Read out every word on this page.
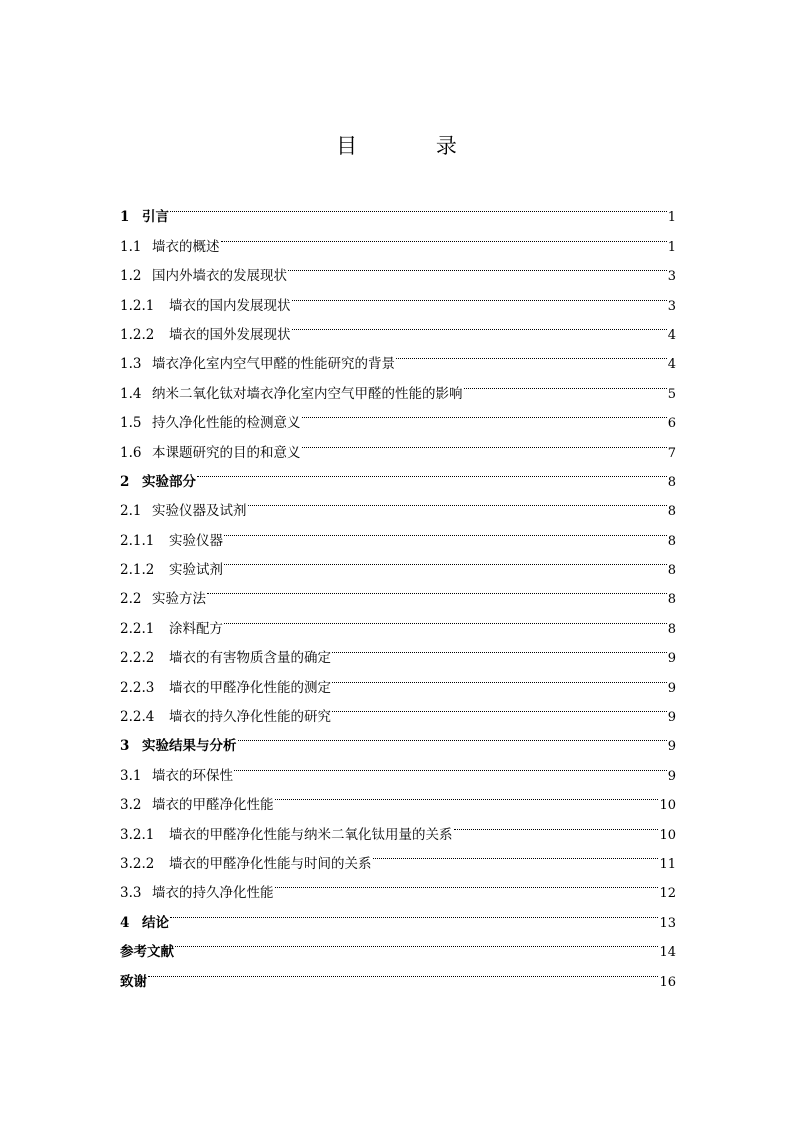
目 录
1 引言	1
1.1 墙衣的概述	1
1.2 国内外墙衣的发展现状	3
1.2.1	墙衣的国内发展现状	3
1.2.2	墙衣的国外发展现状	4
1.3 墙衣净化室内空气甲醛的性能研究的背景	4
1.4 纳米二氧化钛对墙衣净化室内空气甲醛的性能的影响	5
1.5 持久净化性能的检测意义	6
1.6 本课题研究的目的和意义	7
2 实验部分	8
2.1 实验仪器及试剂	8
2.1.1	实验仪器	8
2.1.2	实验试剂	8
2.2 实验方法	8
2.2.1	涂料配方	8
2.2.2	墙衣的有害物质含量的确定	9
2.2.3	墙衣的甲醛净化性能的测定	9
2.2.4	墙衣的持久净化性能的研究	9
3 实验结果与分析	9
3.1 墙衣的环保性	9
3.2 墙衣的甲醛净化性能	10
3.2.1	墙衣的甲醛净化性能与纳米二氧化钛用量的关系	10
3.2.2	墙衣的甲醛净化性能与时间的关系	11
3.3 墙衣的持久净化性能	12
4 结论	13
参考文献	14
致谢	16
